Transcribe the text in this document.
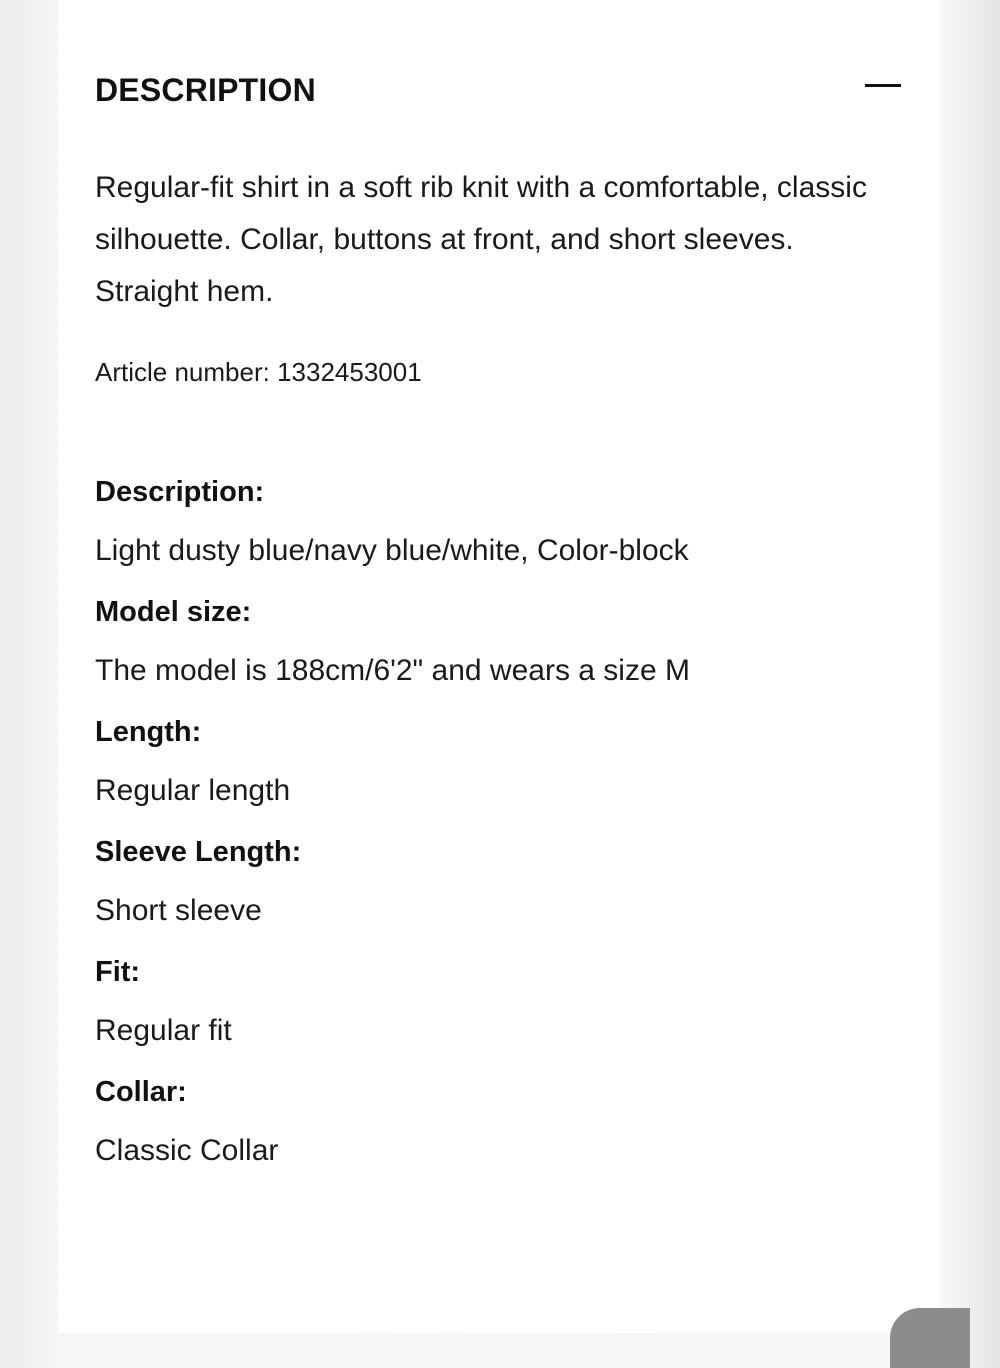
DESCRIPTION

Regular-fit shirt in a soft rib knit with a comfortable, classic silhouette. Collar, buttons at front, and short sleeves. Straight hem.

Article number: 1332453001

Description:

Light dusty blue/navy blue/white, Color-block

Model size:

The model is 188cm/6'2" and wears a size M

Length:

Regular length

Sleeve Length:

Short sleeve

Fit:

Regular fit

Collar:

Classic Collar
